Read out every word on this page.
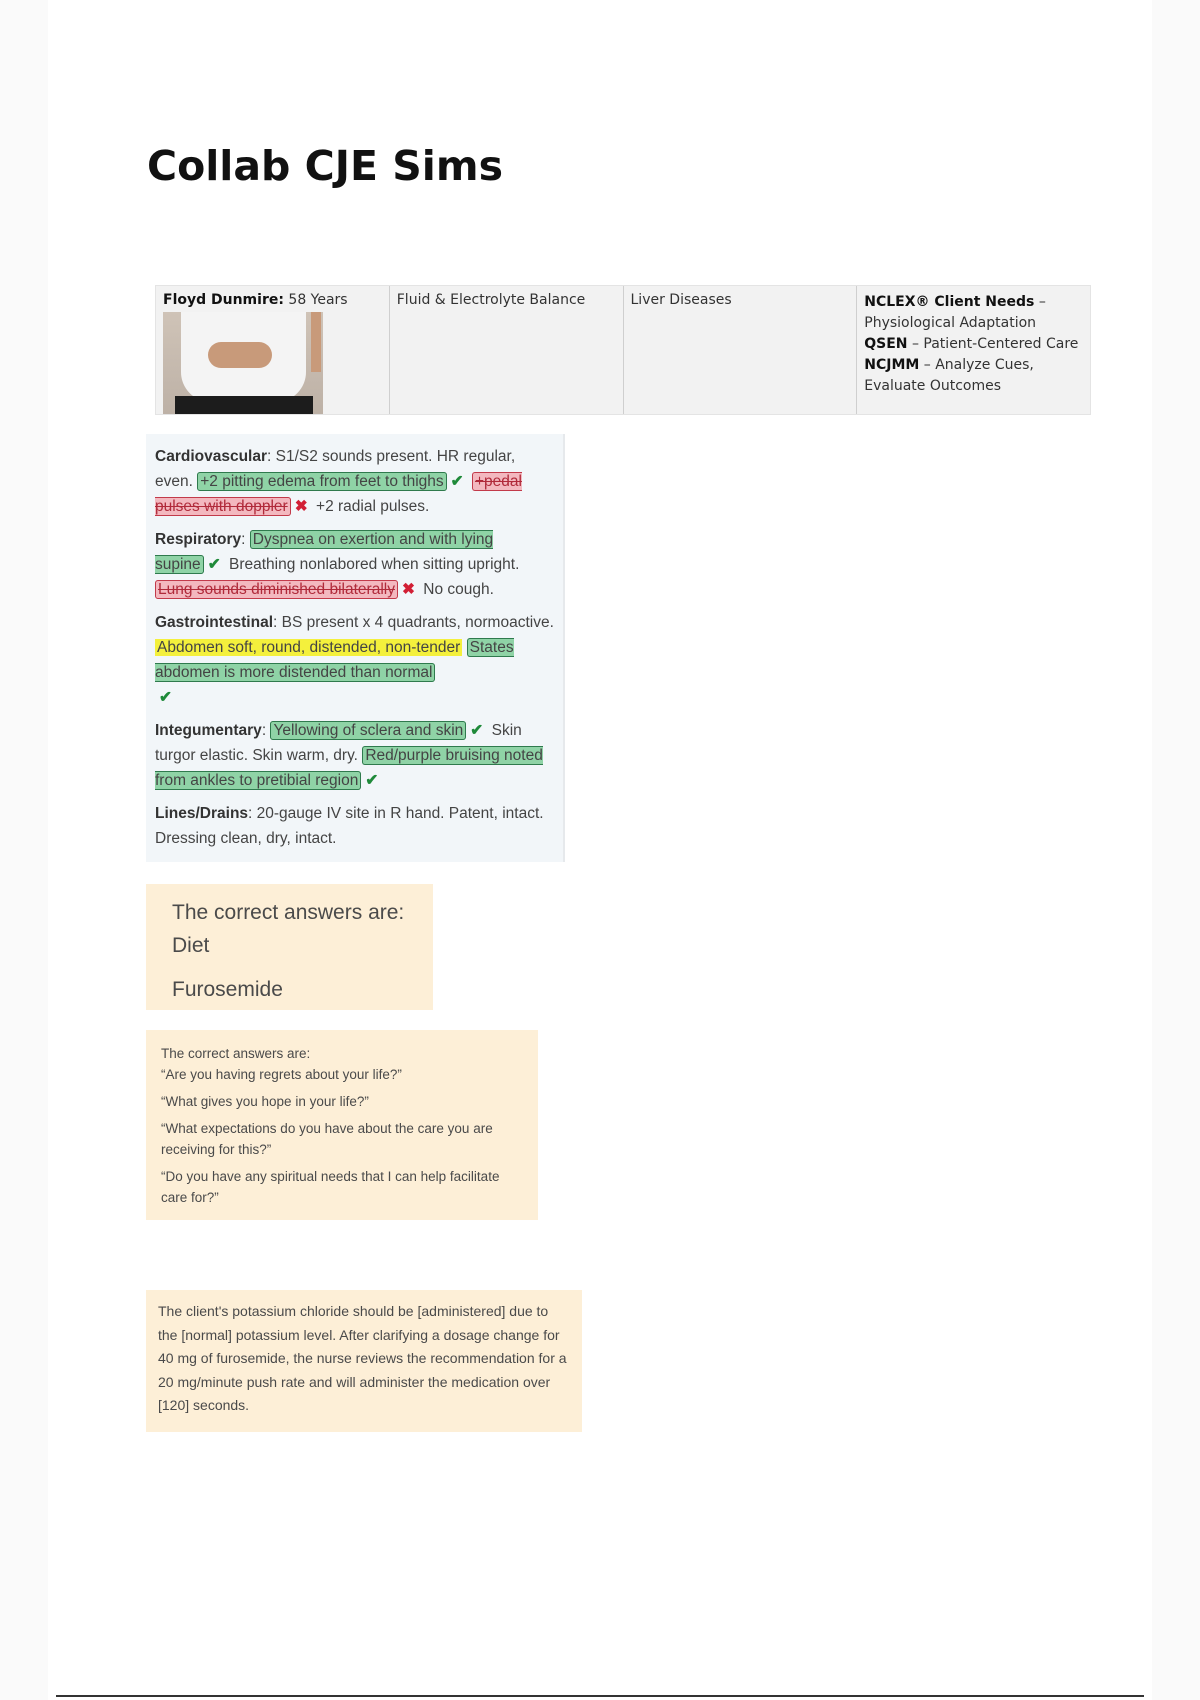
Collab CJE Sims
Floyd Dunmire: 58 Years	Fluid & Electrolyte Balance	Liver Diseases	NCLEX® Client Needs – Physiological Adaptation
QSEN – Patient-Centered Care
NCJMM – Analyze Cues, Evaluate Outcomes

Cardiovascular: S1/S2 sounds present. HR regular, even. +2 pitting edema from feet to thighs ✔ +pedal pulses with doppler ✖ +2 radial pulses.

Respiratory: Dyspnea on exertion and with lying supine ✔ Breathing nonlabored when sitting upright. Lung sounds diminished bilaterally ✖ No cough.

Gastrointestinal: BS present x 4 quadrants, normoactive. Abdomen soft, round, distended, non-tender States abdomen is more distended than normal
✔

Integumentary: Yellowing of sclera and skin ✔ Skin turgor elastic. Skin warm, dry. Red/purple bruising noted from ankles to pretibial region ✔

Lines/Drains: 20-gauge IV site in R hand. Patent, intact. Dressing clean, dry, intact.

The correct answers are:
Diet
Furosemide
The correct answers are:
“Are you having regrets about your life?”
“What gives you hope in your life?”
“What expectations do you have about the care you are receiving for this?”
“Do you have any spiritual needs that I can help facilitate care for?”
The client's potassium chloride should be [administered] due to the [normal] potassium level. After clarifying a dosage change for 40 mg of furosemide, the nurse reviews the recommendation for a 20 mg/minute push rate and will administer the medication over [120] seconds.
